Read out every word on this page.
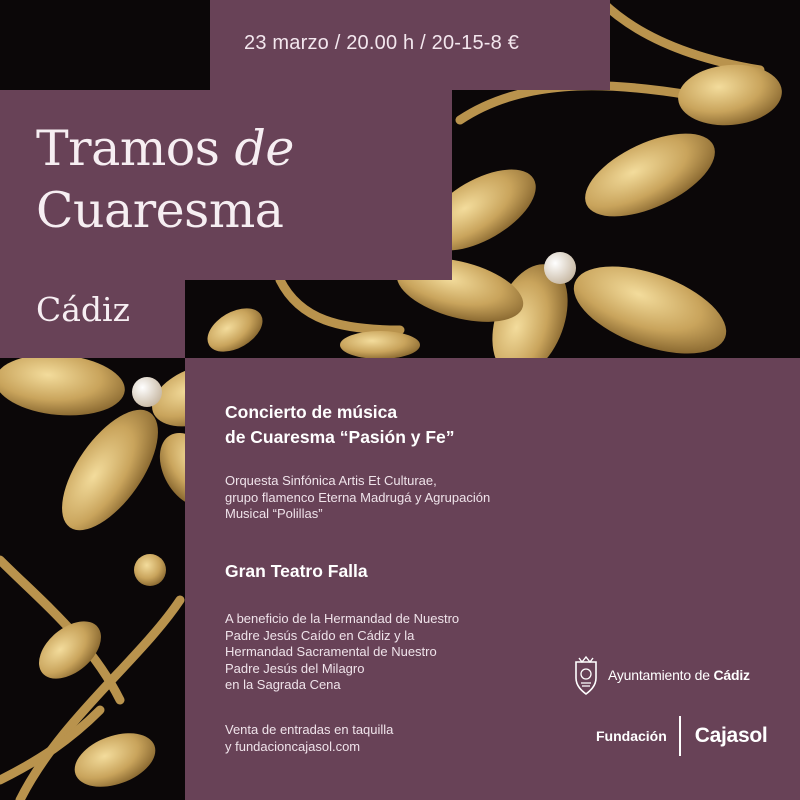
23 marzo / 20.00 h / 20-15-8 €
Tramos de
Cuaresma
Cádiz
Concierto de música
de Cuaresma “Pasión y Fe”

Orquesta Sinfónica Artis Et Culturae,
grupo flamenco Eterna Madrugá y Agrupación
Musical “Polillas”

Gran Teatro Falla

A beneficio de la Hermandad de Nuestro
Padre Jesús Caído en Cádiz y la
Hermandad Sacramental de Nuestro
Padre Jesús del Milagro
en la Sagrada Cena

Venta de entradas en taquilla
y fundacioncajasol.com

Ayuntamiento de Cádiz
Fundación Cajasol
